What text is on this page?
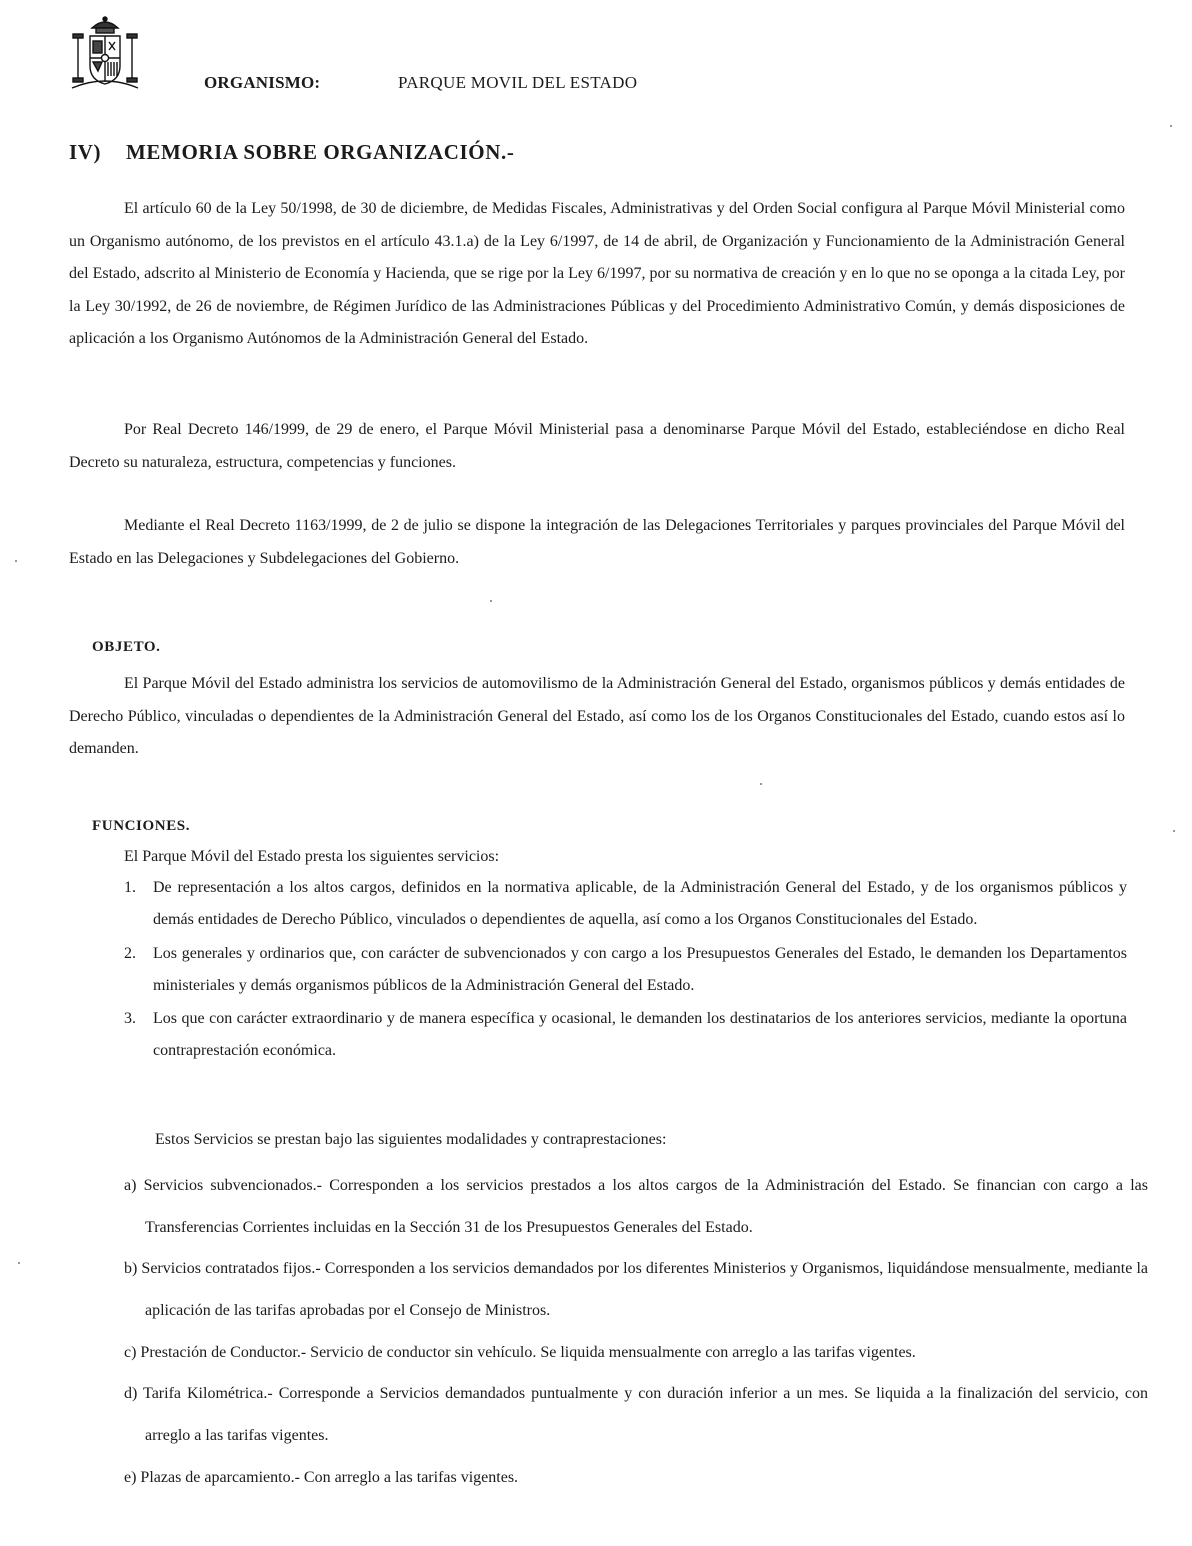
ORGANISMO:	PARQUE MOVIL DEL ESTADO
IV) MEMORIA SOBRE ORGANIZACIÓN.-

El artículo 60 de la Ley 50/1998, de 30 de diciembre, de Medidas Fiscales, Administrativas y del Orden Social configura al Parque Móvil Ministerial como un Organismo autónomo, de los previstos en el artículo 43.1.a) de la Ley 6/1997, de 14 de abril, de Organización y Funcionamiento de la Administración General del Estado, adscrito al Ministerio de Economía y Hacienda, que se rige por la Ley 6/1997, por su normativa de creación y en lo que no se oponga a la citada Ley, por la Ley 30/1992, de 26 de noviembre, de Régimen Jurídico de las Administraciones Públicas y del Procedimiento Administrativo Común, y demás disposiciones de aplicación a los Organismo Autónomos de la Administración General del Estado.

Por Real Decreto 146/1999, de 29 de enero, el Parque Móvil Ministerial pasa a denominarse Parque Móvil del Estado, estableciéndose en dicho Real Decreto su naturaleza, estructura, competencias y funciones.

Mediante el Real Decreto 1163/1999, de 2 de julio se dispone la integración de las Delegaciones Territoriales y parques provinciales del Parque Móvil del Estado en las Delegaciones y Subdelegaciones del Gobierno.

OBJETO.

El Parque Móvil del Estado administra los servicios de automovilismo de la Administración General del Estado, organismos públicos y demás entidades de Derecho Público, vinculadas o dependientes de la Administración General del Estado, así como los de los Organos Constitucionales del Estado, cuando estos así lo demanden.

FUNCIONES.

El Parque Móvil del Estado presta los siguientes servicios:

1. De representación a los altos cargos, definidos en la normativa aplicable, de la Administración General del Estado, y de los organismos públicos y demás entidades de Derecho Público, vinculados o dependientes de aquella, así como a los Organos Constitucionales del Estado.
2. Los generales y ordinarios que, con carácter de subvencionados y con cargo a los Presupuestos Generales del Estado, le demanden los Departamentos ministeriales y demás organismos públicos de la Administración General del Estado.
3. Los que con carácter extraordinario y de manera específica y ocasional, le demanden los destinatarios de los anteriores servicios, mediante la oportuna contraprestación económica.

Estos Servicios se prestan bajo las siguientes modalidades y contraprestaciones:

a) Servicios subvencionados.- Corresponden a los servicios prestados a los altos cargos de la Administración del Estado. Se financian con cargo a las Transferencias Corrientes incluidas en la Sección 31 de los Presupuestos Generales del Estado.
b) Servicios contratados fijos.- Corresponden a los servicios demandados por los diferentes Ministerios y Organismos, liquidándose mensualmente, mediante la aplicación de las tarifas aprobadas por el Consejo de Ministros.
c) Prestación de Conductor.- Servicio de conductor sin vehículo. Se liquida mensualmente con arreglo a las tarifas vigentes.
d) Tarifa Kilométrica.- Corresponde a Servicios demandados puntualmente y con duración inferior a un mes. Se liquida a la finalización del servicio, con arreglo a las tarifas vigentes.
e) Plazas de aparcamiento.- Con arreglo a las tarifas vigentes.
